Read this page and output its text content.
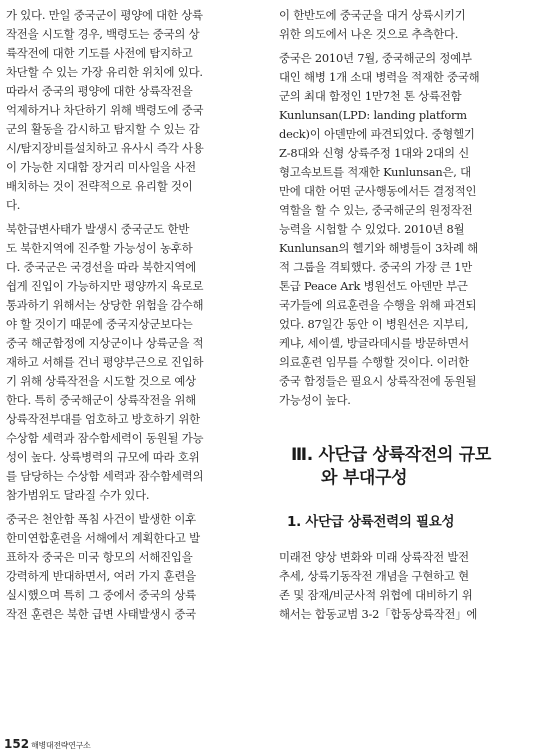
가 있다. 만일 중국군이 평양에 대한 상륙
작전을 시도할 경우, 백령도는 중국의 상
륙작전에 대한 기도를 사전에 탐지하고
차단할 수 있는 가장 유리한 위치에 있다.
따라서 중국의 평양에 대한 상륙작전을
억제하거나 차단하기 위해 백령도에 중국
군의 활동을 감시하고 탐지할 수 있는 감
시/탐지장비를설치하고 유사시 즉각 사용
이 가능한 지대함 장거리 미사일을 사전
배치하는 것이 전략적으로 유리할 것이
다.

북한급변사태가 발생시 중국군도 한반
도 북한지역에 진주할 가능성이 농후하
다. 중국군은 국경선을 따라 북한지역에
쉽게 진입이 가능하지만 평양까지 육로로
통과하기 위해서는 상당한 위험을 감수해
야 할 것이기 때문에 중국지상군보다는
중국 해군함정에 지상군이나 상륙군을 적
재하고 서해를 건너 평양부근으로 진입하
기 위해 상륙작전을 시도할 것으로 예상
한다. 특히 중국해군이 상륙작전을 위해
상륙작전부대를 엄호하고 방호하기 위한
수상함 세력과 잠수함세력이 동원될 가능
성이 높다. 상륙병력의 규모에 따라 호위
를 담당하는 수상함 세력과 잠수함세력의
참가범위도 달라질 수가 있다.

중국은 천안함 폭침 사건이 발생한 이후
한미연합훈련을 서해에서 계획한다고 발
표하자 중국은 미국 항모의 서해진입을
강력하게 반대하면서, 여러 가지 훈련을
실시했으며 특히 그 중에서 중국의 상륙
작전 훈련은 북한 급변 사태발생시 중국

이 한반도에 중국군을 대거 상륙시키기
위한 의도에서 나온 것으로 추측한다.

중국은 2010년 7월, 중국해군의 정예부
대인 해병 1개 소대 병력을 적재한 중국해
군의 최대 함정인 1만7천 톤 상륙전함
Kunlunsan(LPD: landing platform
deck)이 아덴만에 파견되었다. 중형헬기
Z-8대와 신형 상륙주정 1대와 2대의 신
형고속보트를 적재한 Kunlunsan은, 대
만에 대한 어떤 군사행동에서든 결정적인
역할을 할 수 있는, 중국해군의 원정작전
능력을 시험할 수 있었다. 2010년 8월
Kunlunsan의 헬기와 해병들이 3차례 해
적 그룹을 격퇴했다. 중국의 가장 큰 1만
톤급 Peace Ark 병원선도 아덴만 부근
국가들에 의료훈련을 수행을 위해 파견되
었다. 87일간 동안 이 병원선은 지부티,
케냐, 세이셸, 방글라데시를 방문하면서
의료훈련 임무를 수행할 것이다. 이러한
중국 함정들은 필요시 상륙작전에 동원될
가능성이 높다.

Ⅲ. 사단급 상륙작전의 규모
와 부대구성
1. 사단급 상륙전력의 필요성
미래전 양상 변화와 미래 상륙작전 발전
추세, 상륙기동작전 개념을 구현하고 현
존 및 잠재/비군사적 위협에 대비하기 위
해서는 합동교범 3-2「합동상륙작전」에
152 해병대전략연구소
